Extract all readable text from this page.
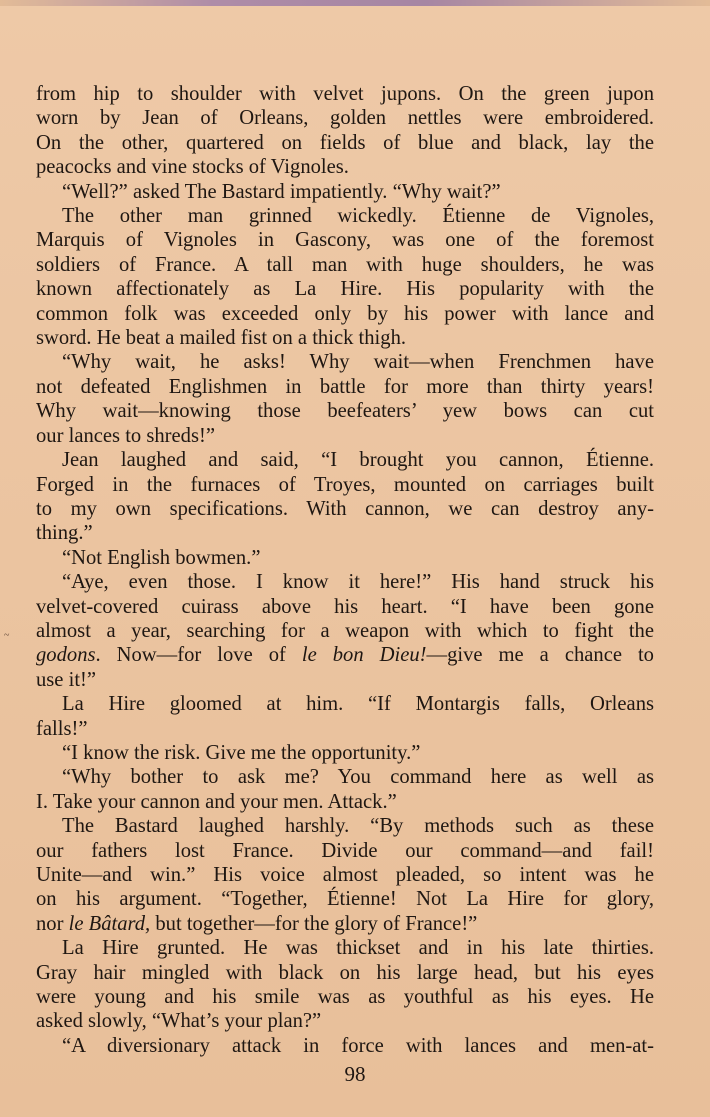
~
from hip to shoulder with velvet jupons. On the green jupon
worn by Jean of Orleans, golden nettles were embroidered.
On the other, quartered on fields of blue and black, lay the
peacocks and vine stocks of Vignoles.
“Well?” asked The Bastard impatiently. “Why wait?”
The other man grinned wickedly. Étienne de Vignoles,
Marquis of Vignoles in Gascony, was one of the foremost
soldiers of France. A tall man with huge shoulders, he was
known affectionately as La Hire. His popularity with the
common folk was exceeded only by his power with lance and
sword. He beat a mailed fist on a thick thigh.
“Why wait, he asks! Why wait—when Frenchmen have
not defeated Englishmen in battle for more than thirty years!
Why wait—knowing those beefeaters’ yew bows can cut
our lances to shreds!”
Jean laughed and said, “I brought you cannon, Étienne.
Forged in the furnaces of Troyes, mounted on carriages built
to my own specifications. With cannon, we can destroy any-
thing.”
“Not English bowmen.”
“Aye, even those. I know it here!” His hand struck his
velvet-covered cuirass above his heart. “I have been gone
almost a year, searching for a weapon with which to fight the
godons. Now—for love of le bon Dieu!—give me a chance to
use it!”
La Hire gloomed at him. “If Montargis falls, Orleans
falls!”
“I know the risk. Give me the opportunity.”
“Why bother to ask me? You command here as well as
I. Take your cannon and your men. Attack.”
The Bastard laughed harshly. “By methods such as these
our fathers lost France. Divide our command—and fail!
Unite—and win.” His voice almost pleaded, so intent was he
on his argument. “Together, Étienne! Not La Hire for glory,
nor le Bâtard, but together—for the glory of France!”
La Hire grunted. He was thickset and in his late thirties.
Gray hair mingled with black on his large head, but his eyes
were young and his smile was as youthful as his eyes. He
asked slowly, “What’s your plan?”
“A diversionary attack in force with lances and men-at-
98
